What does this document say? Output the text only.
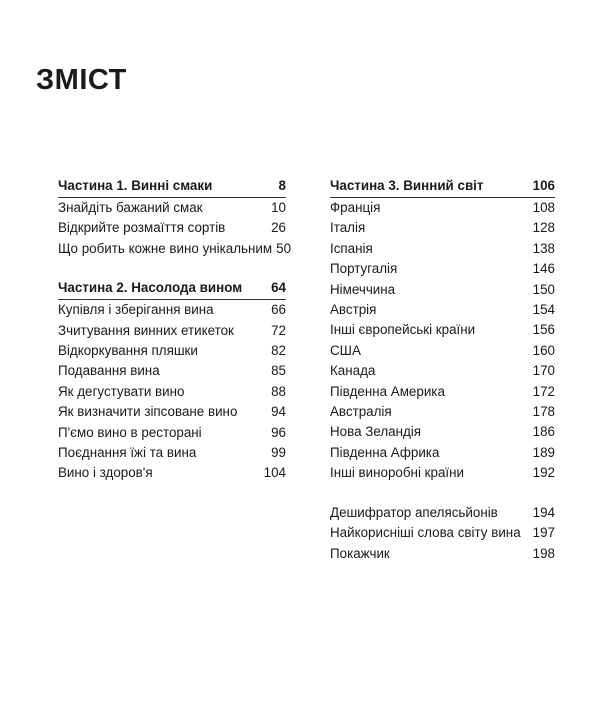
ЗМІСТ
Частина 1. Винні смаки	8
Знайдіть бажаний смак	10
Відкрийте розмаїття сортів	26
Що робить кожне вино унікальним 50
Частина 2. Насолода вином	64
Купівля і зберігання вина	66
Зчитування винних етикеток	72
Відкоркування пляшки	82
Подавання вина	85
Як дегустувати вино	88
Як визначити зіпсоване вино	94
П'ємо вино в ресторані	96
Поєднання їжі та вина	99
Вино і здоров'я	104
Частина 3. Винний світ	106
Франція	108
Італія	128
Іспанія	138
Португалія	146
Німеччина	150
Австрія	154
Інші європейські країни	156
США	160
Канада	170
Південна Америка	172
Австралія	178
Нова Зеландія	186
Південна Африка	189
Інші виноробні країни	192
Дешифратор апелясьйонів	194
Найкорисніші слова світу вина 197
Покажчик	198
